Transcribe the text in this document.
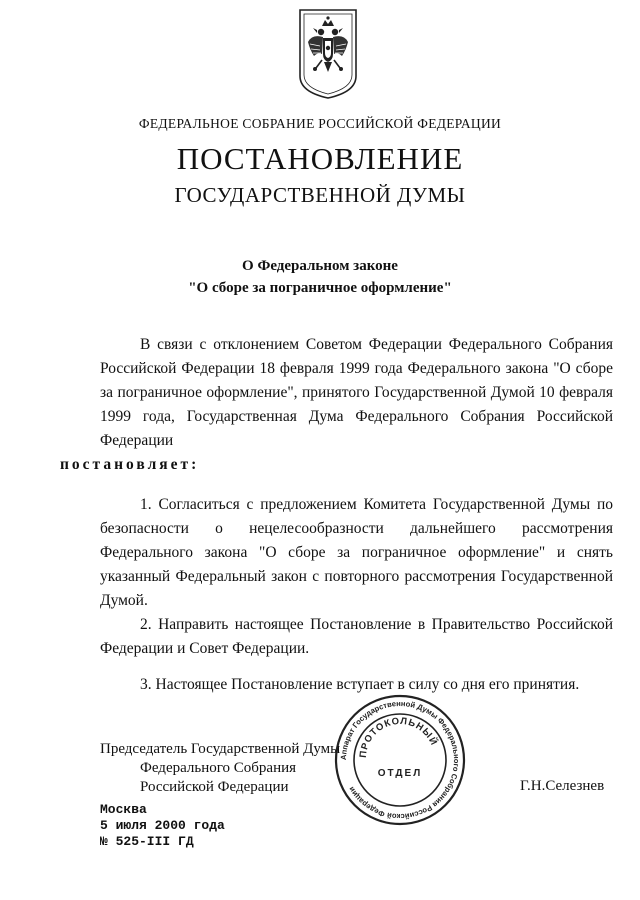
ФЕДЕРАЛЬНОЕ СОБРАНИЕ РОССИЙСКОЙ ФЕДЕРАЦИИ
ПОСТАНОВЛЕНИЕ
ГОСУДАРСТВЕННОЙ ДУМЫ
О Федеральном законе
"О сборе за пограничное оформление"

В связи с отклонением Советом Федерации Федерального Собрания Российской Федерации 18 февраля 1999 года Федерального закона "О сборе за пограничное оформление", принятого Государственной Думой 10 февраля 1999 года, Государственная Дума Федерального Собрания Российской Федерации
постановляет:

1. Согласиться с предложением Комитета Государственной Думы по безопасности о нецелесообразности дальнейшего рассмотрения Федерального закона "О сборе за пограничное оформление" и снять указанный Федеральный закон с повторного рассмотрения Государственной Думой.

2. Направить настоящее Постановление в Правительство Российской Федерации и Совет Федерации.

3. Настоящее Постановление вступает в силу со дня его принятия.

Аппарат Государственной Думы Федерального Собрания Российской Федерации
ПРОТОКОЛЬНЫЙ
ОТДЕЛ
Председатель Государственной Думы
Федерального Собрания
Российской Федерации	Г.Н.Селезнев
Москва
5 июля 2000 года
№ 525-III ГД
